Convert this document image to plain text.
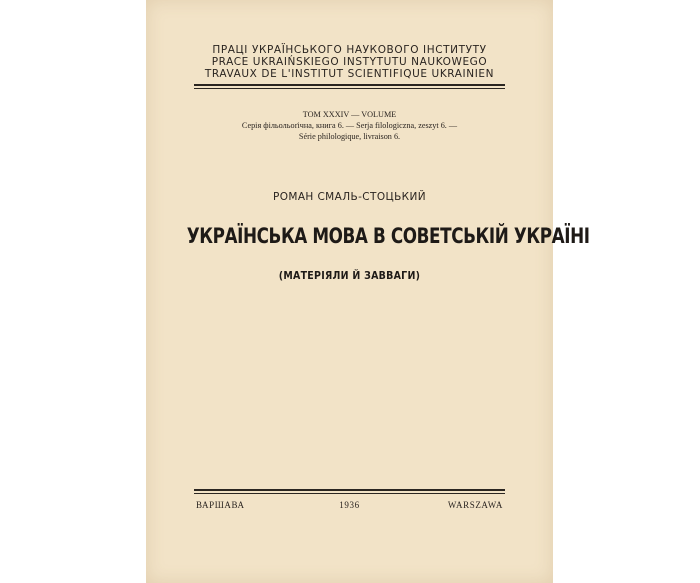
ПРАЦІ УКРАЇНСЬКОГО НАУКОВОГО ІНСТИТУТУ
PRACE UKRAIŃSKIEGO INSTYTUTU NAUKOWEGO
TRAVAUX DE L'INSTITUT SCIENTIFIQUE UKRAINIEN
ТОМ XXXIV — VOLUME
Серія фільольоґічна, книга 6. — Serja filologiczna, zeszyt 6. —
Série philologique, livraison 6.
РОМАН СМАЛЬ-СТОЦЬКИЙ
УКРАЇНСЬКА МОВА В СОВЕТСЬКІЙ УКРАЇНІ
(МАТЕРІЯЛИ Й ЗАВВАГИ)
ВАРШАВА	1936	WARSZAWA
